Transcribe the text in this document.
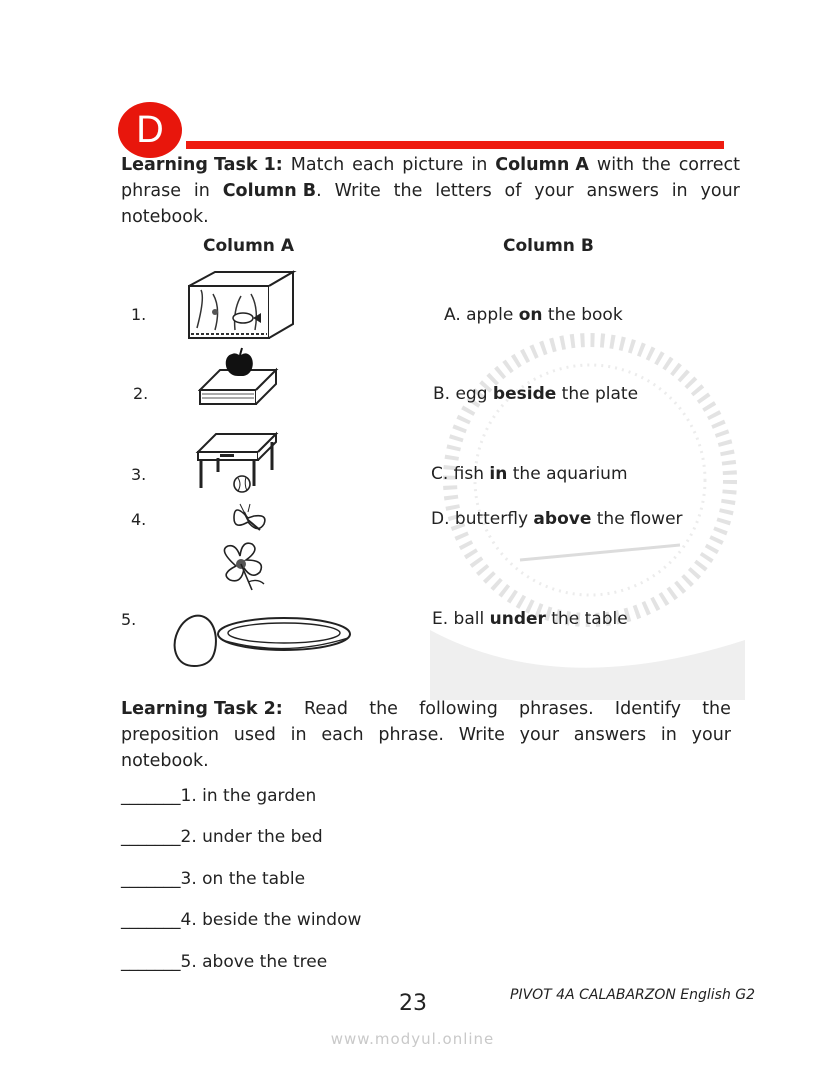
D
Learning Task 1: Match each picture in Column A with the correct
phrase in Column B. Write the letters of your answers in your
notebook.
Column A	Column B
1.
2.
3.
4.
5.
A. apple on the book
B. egg beside the plate
C. fish in the aquarium
D. butterfly above the flower
E. ball under the table
Learning Task 2: Read the following phrases. Identify the
preposition used in each phrase. Write your answers in your
notebook.
_______1. in the garden
_______2. under the bed
_______3. on the table
_______4. beside the window
_______5. above the tree
23	PIVOT 4A CALABARZON English G2
www.modyul.online
